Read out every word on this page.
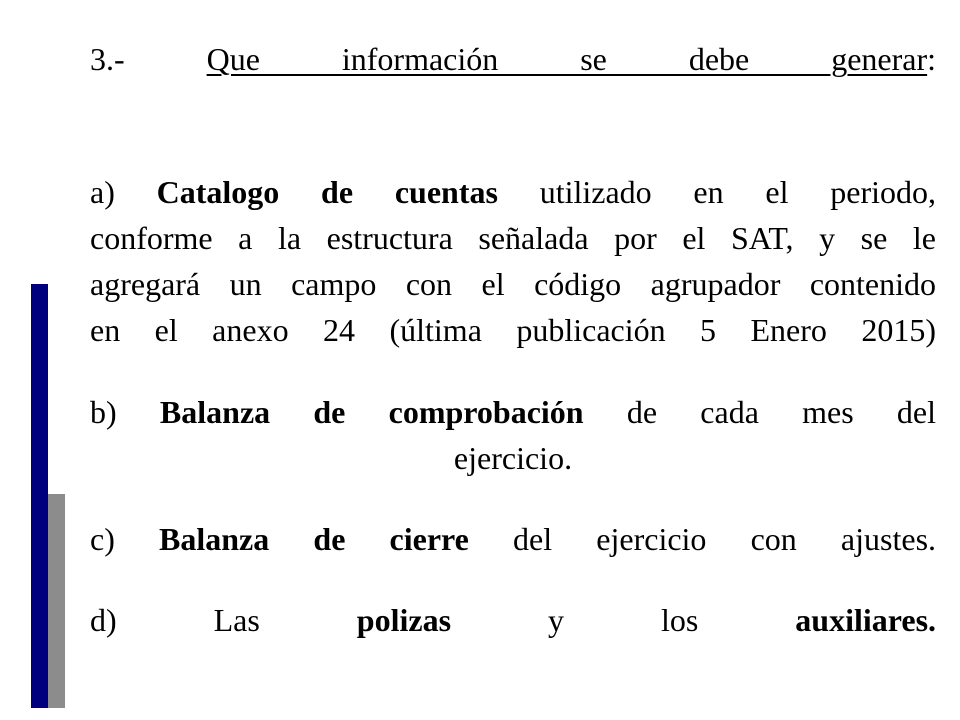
3.-	Que información se debe generar:

a) Catalogo de cuentas utilizado en el periodo,
conforme a la estructura señalada por el SAT, y se le
agregará un campo con el código agrupador contenido
en el anexo 24 (última publicación 5 Enero 2015)
b) Balanza de comprobación de cada mes del
ejercicio.
c) Balanza de cierre del ejercicio con ajustes.
d)	Las	polizas	y	los	auxiliares.
